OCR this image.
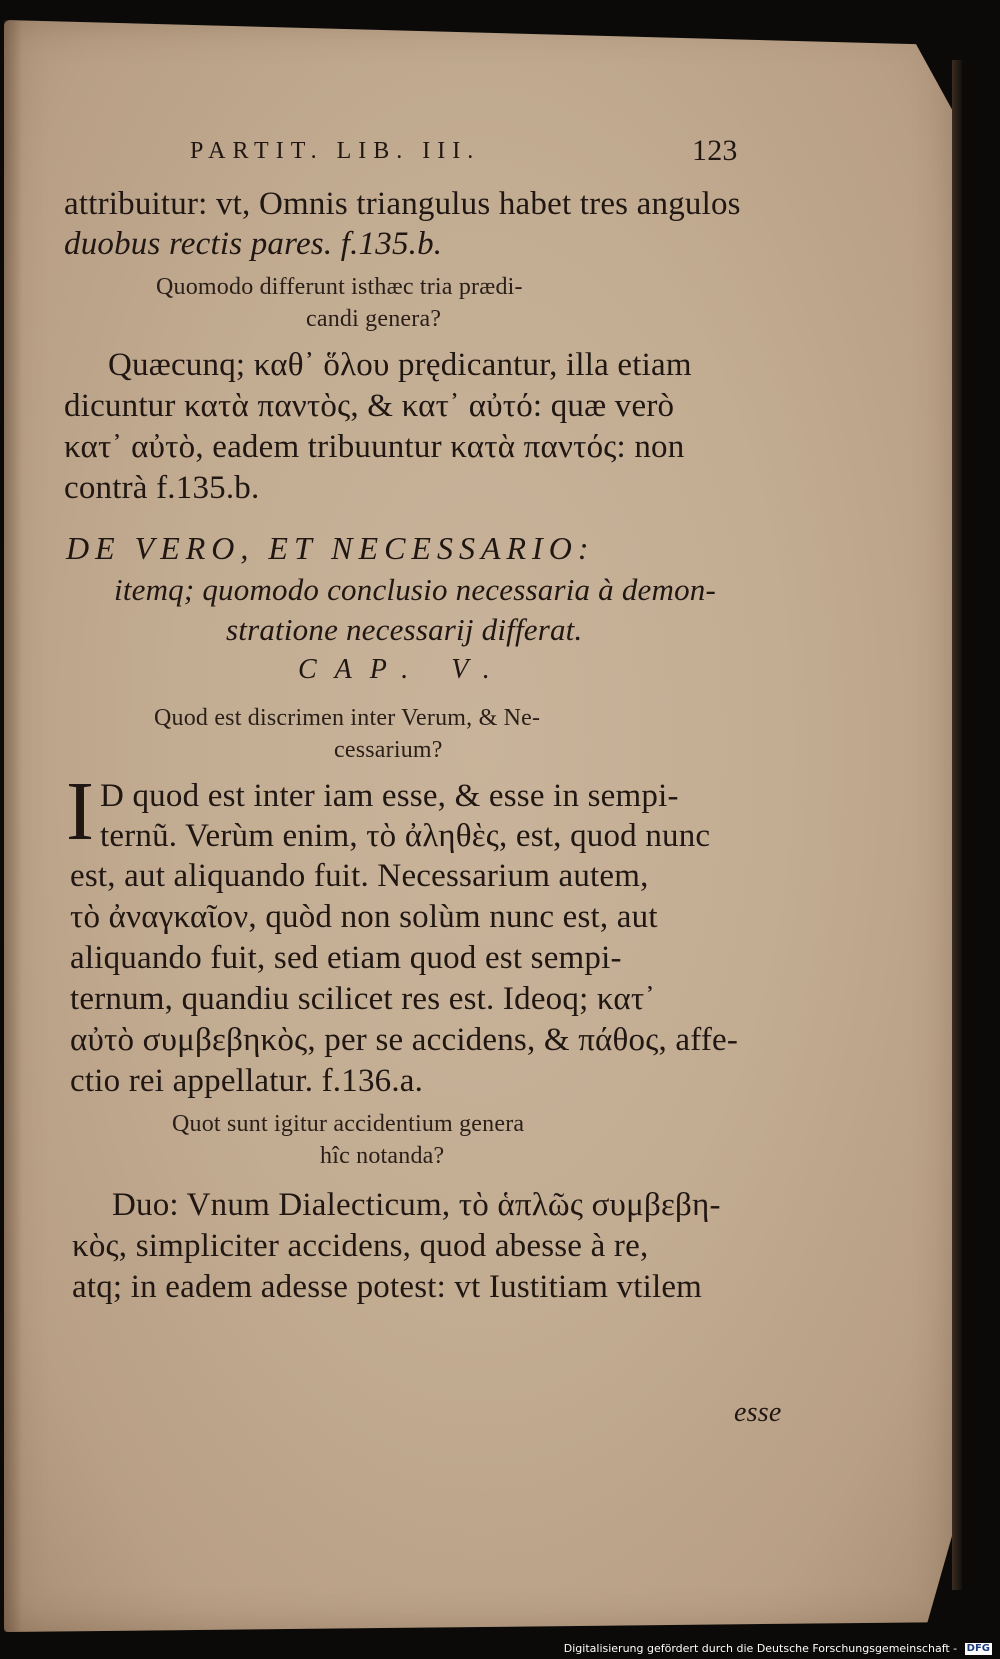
PARTIT. LIB. III.	123
attribuitur: vt, Omnis triangulus habet tres angulos
duobus rectis pares. f.135.b.
Quomodo differunt isthæc tria prædi-
candi genera?
Quæcunq; καθ᾽ ὅλου prędicantur, illa etiam
dicuntur κατὰ παντὸς, & κατ᾽ αὐτό: quæ verò
κατ᾽ αὐτὸ, eadem tribuuntur κατὰ παντός: non
contrà f.135.b.
DE VERO, ET NECESSARIO:
itemq; quomodo conclusio necessaria à demon-
stratione necessarij differat.
CAP. V.
Quod est discrimen inter Verum, & Ne-
cessarium?
I D quod est inter iam esse, & esse in sempi-
ternũ. Verùm enim, τὸ ἀληθὲς, est, quod nunc
est, aut aliquando fuit. Necessarium autem,
τὸ ἀναγκαῖον, quòd non solùm nunc est, aut
aliquando fuit, sed etiam quod est sempi-
ternum, quandiu scilicet res est. Ideoq; κατ᾽
αὐτὸ συμβεβηκὸς, per se accidens, & πάθος, affe-
ctio rei appellatur. f.136.a.
Quot sunt igitur accidentium genera
hîc notanda?
Duo: Vnum Dialecticum, τὸ ἁπλῶς συμβεβη-
κὸς, simpliciter accidens, quod abesse à re,
atq; in eadem adesse potest: vt Iustitiam vtilem
esse
Digitalisierung gefördert durch die Deutsche Forschungsgemeinschaft - DFG
